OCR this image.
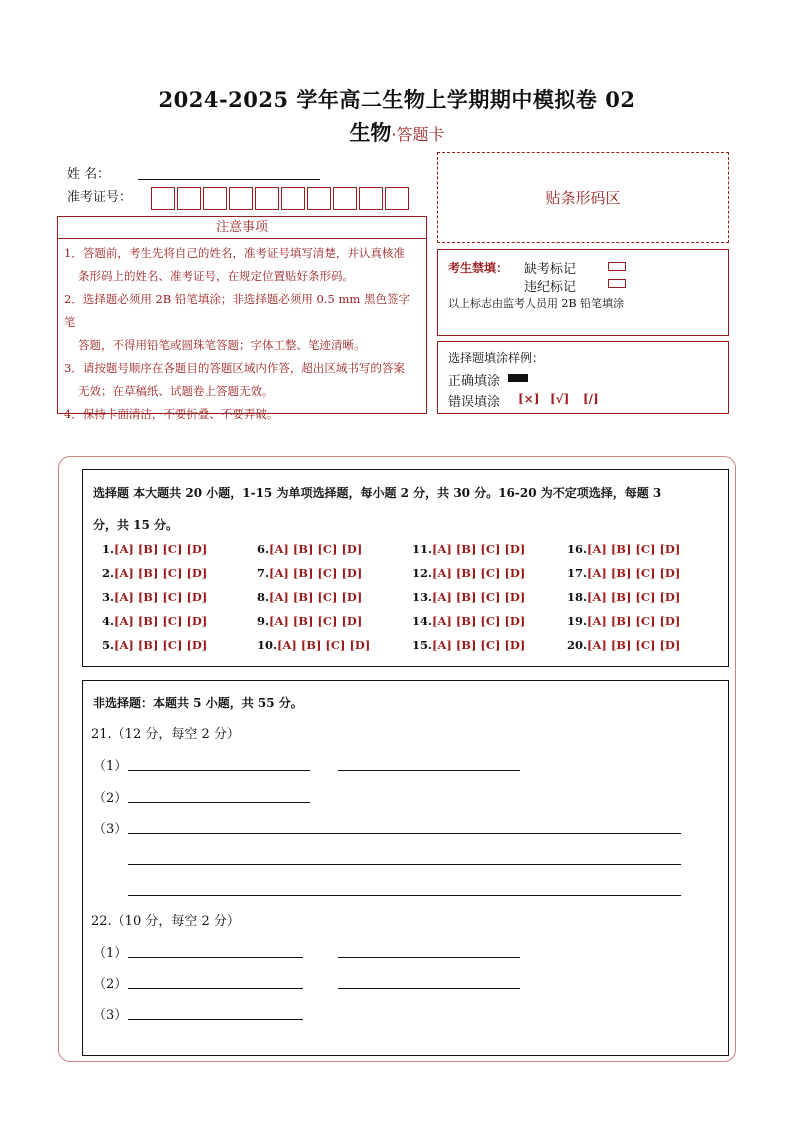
2024-2025 学年高二生物上学期期中模拟卷 02
生物·答题卡
姓 名：
准考证号：	贴条形码区
注意事项
1．答题前，考生先将自己的姓名，准考证号填写清楚，并认真核准
条形码上的姓名、准考证号，在规定位置贴好条形码。
2．选择题必须用 2B 铅笔填涂；非选择题必须用 0.5 mm 黑色签字笔
答题，不得用铅笔或圆珠笔答题；字体工整、笔迹清晰。
3．请按题号顺序在各题目的答题区域内作答，超出区域书写的答案
无效；在草稿纸、试题卷上答题无效。
4．保持卡面清洁，不要折叠、不要弄破。
考生禁填： 缺考标记
违纪标记
以上标志由监考人员用 2B 铅笔填涂
选择题填涂样例：
正确填涂
错误填涂 [×] [√] [/]
选择题 本大题共 20 小题，1-15 为单项选择题，每小题 2 分，共 30 分。16-20 为不定项选择，每题 3
分，共 15 分。
1.[A] [B] [C] [D]
2.[A] [B] [C] [D]
3.[A] [B] [C] [D]
4.[A] [B] [C] [D]
5.[A] [B] [C] [D]
6.[A] [B] [C] [D]
7.[A] [B] [C] [D]
8.[A] [B] [C] [D]
9.[A] [B] [C] [D]
10.[A] [B] [C] [D]
11.[A] [B] [C] [D]
12.[A] [B] [C] [D]
13.[A] [B] [C] [D]
14.[A] [B] [C] [D]
15.[A] [B] [C] [D]
16.[A] [B] [C] [D]
17.[A] [B] [C] [D]
18.[A] [B] [C] [D]
19.[A] [B] [C] [D]
20.[A] [B] [C] [D]
非选择题：本题共 5 小题，共 55 分。
21.（12 分，每空 2 分）
（1）
（2）
（3）
22.（10 分，每空 2 分）
（1）
（2）
（3）
